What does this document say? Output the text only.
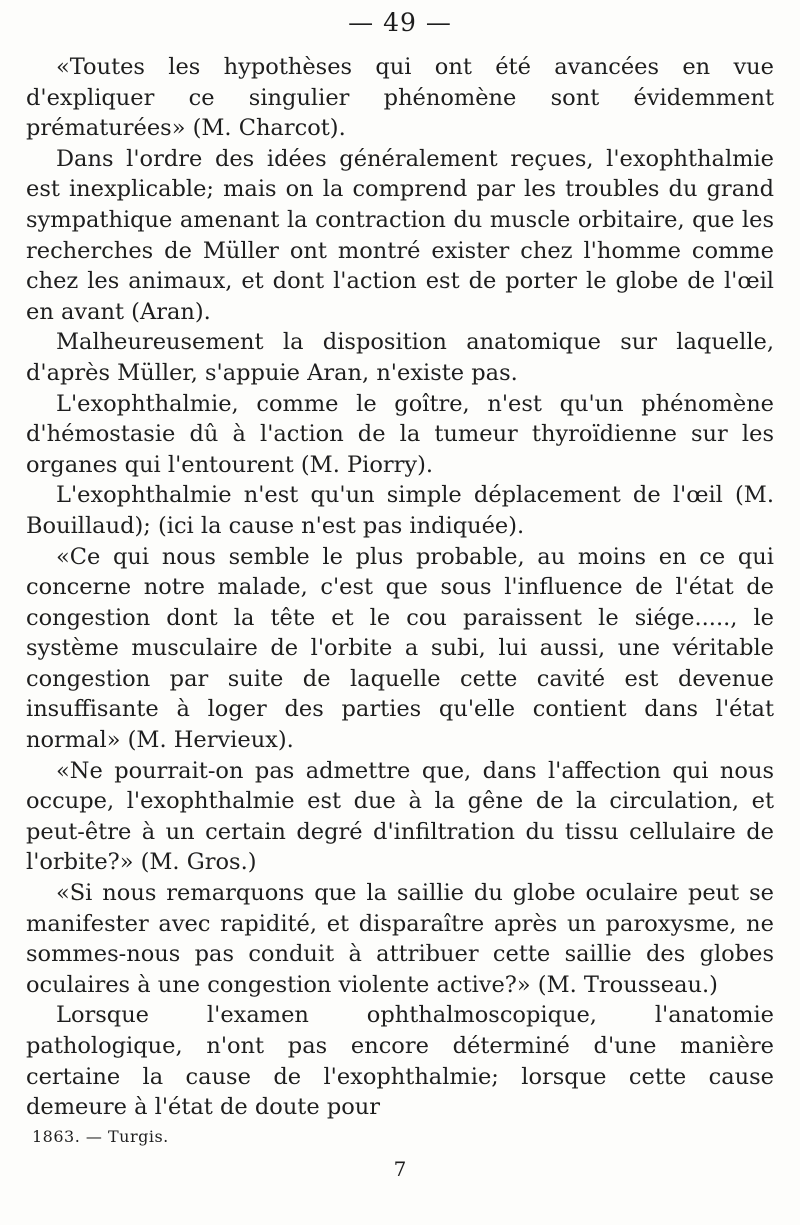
— 49 —

«Toutes les hypothèses qui ont été avancées en vue d'expliquer ce singulier phénomène sont évidemment prématurées» (M. Charcot).

Dans l'ordre des idées généralement reçues, l'exophthalmie est inexplicable; mais on la comprend par les troubles du grand sympathique amenant la contraction du muscle orbitaire, que les recherches de Müller ont montré exister chez l'homme comme chez les animaux, et dont l'action est de porter le globe de l'œil en avant (Aran).

Malheureusement la disposition anatomique sur laquelle, d'après Müller, s'appuie Aran, n'existe pas.

L'exophthalmie, comme le goître, n'est qu'un phénomène d'hémostasie dû à l'action de la tumeur thyroïdienne sur les organes qui l'entourent (M. Piorry).

L'exophthalmie n'est qu'un simple déplacement de l'œil (M. Bouillaud); (ici la cause n'est pas indiquée).

«Ce qui nous semble le plus probable, au moins en ce qui concerne notre malade, c'est que sous l'influence de l'état de congestion dont la tête et le cou paraissent le siége....., le système musculaire de l'orbite a subi, lui aussi, une véritable congestion par suite de laquelle cette cavité est devenue insuffisante à loger des parties qu'elle contient dans l'état normal» (M. Hervieux).

«Ne pourrait-on pas admettre que, dans l'affection qui nous occupe, l'exophthalmie est due à la gêne de la circulation, et peut-être à un certain degré d'infiltration du tissu cellulaire de l'orbite?» (M. Gros.)

«Si nous remarquons que la saillie du globe oculaire peut se manifester avec rapidité, et disparaître après un paroxysme, ne sommes-nous pas conduit à attribuer cette saillie des globes oculaires à une congestion violente active?» (M. Trousseau.)

Lorsque l'examen ophthalmoscopique, l'anatomie pathologique, n'ont pas encore déterminé d'une manière certaine la cause de l'exophthalmie; lorsque cette cause demeure à l'état de doute pour

1863. — Turgis.
7
